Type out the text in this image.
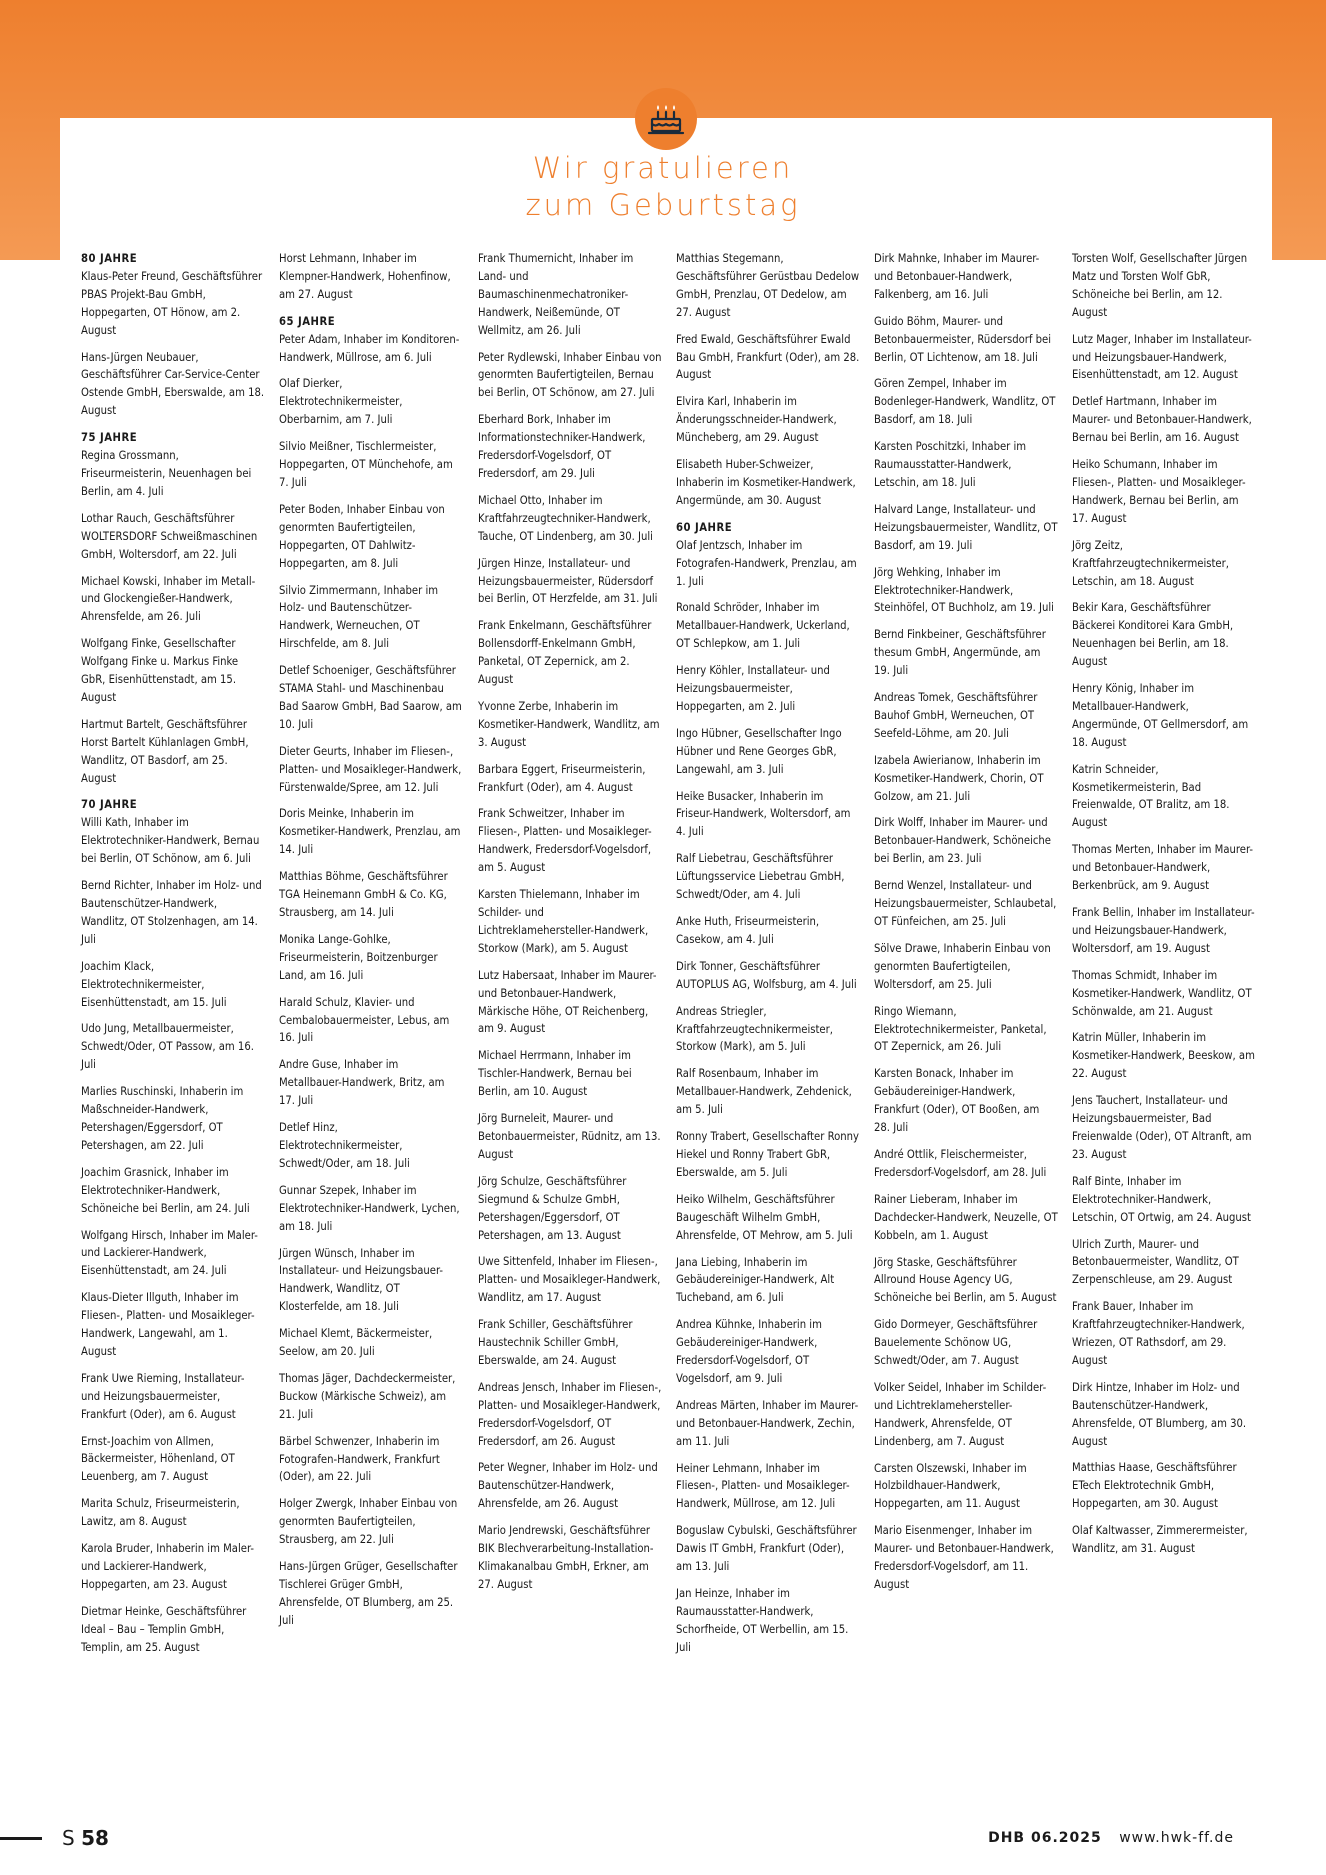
Wir gratulieren
zum Geburtstag
80 JAHRE

Klaus-Peter Freund, Geschäftsführer PBAS Projekt-Bau GmbH, Hoppegarten, OT Hönow, am 2. August

Hans-Jürgen Neubauer, Geschäftsführer Car-Service-Center Ostende GmbH, Eberswalde, am 18. August

75 JAHRE

Regina Grossmann, Friseurmeisterin, Neuenhagen bei Berlin, am 4. Juli

Lothar Rauch, Geschäftsführer WOLTERSDORF Schweißmaschinen GmbH, Woltersdorf, am 22. Juli

Michael Kowski, Inhaber im Metall- und Glockengießer-Handwerk, Ahrensfelde, am 26. Juli

Wolfgang Finke, Gesellschafter Wolfgang Finke u. Markus Finke GbR, Eisenhüttenstadt, am 15. August

Hartmut Bartelt, Geschäftsführer Horst Bartelt Kühlanlagen GmbH, Wandlitz, OT Basdorf, am 25. August

70 JAHRE

Willi Kath, Inhaber im Elektrotechniker-Handwerk, Bernau bei Berlin, OT Schönow, am 6. Juli

Bernd Richter, Inhaber im Holz- und Bautenschützer-Handwerk, Wandlitz, OT Stolzenhagen, am 14. Juli

Joachim Klack, Elektrotechnikermeister, Eisenhüttenstadt, am 15. Juli

Udo Jung, Metallbauermeister, Schwedt/Oder, OT Passow, am 16. Juli

Marlies Ruschinski, Inhaberin im Maßschneider-Handwerk, Petershagen/Eggersdorf, OT Petershagen, am 22. Juli

Joachim Grasnick, Inhaber im Elektrotechniker-Handwerk, Schöneiche bei Berlin, am 24. Juli

Wolfgang Hirsch, Inhaber im Maler- und Lackierer-Handwerk, Eisenhüttenstadt, am 24. Juli

Klaus-Dieter Illguth, Inhaber im Fliesen-, Platten- und Mosaikleger-Handwerk, Langewahl, am 1. August

Frank Uwe Rieming, Installateur- und Heizungsbauermeister, Frankfurt (Oder), am 6. August

Ernst-Joachim von Allmen, Bäckermeister, Höhenland, OT Leuenberg, am 7. August

Marita Schulz, Friseurmeisterin, Lawitz, am 8. August

Karola Bruder, Inhaberin im Maler- und Lackierer-Handwerk, Hoppegarten, am 23. August

Dietmar Heinke, Geschäftsführer Ideal – Bau – Templin GmbH, Templin, am 25. August

Horst Lehmann, Inhaber im Klempner-Handwerk, Hohenfinow, am 27. August

65 JAHRE

Peter Adam, Inhaber im Konditoren-Handwerk, Müllrose, am 6. Juli

Olaf Dierker, Elektrotechnikermeister, Oberbarnim, am 7. Juli

Silvio Meißner, Tischlermeister, Hoppegarten, OT Münchehofe, am 7. Juli

Peter Boden, Inhaber Einbau von genormten Baufertigteilen, Hoppegarten, OT Dahlwitz-Hoppegarten, am 8. Juli

Silvio Zimmermann, Inhaber im Holz- und Bautenschützer-Handwerk, Werneuchen, OT Hirschfelde, am 8. Juli

Detlef Schoeniger, Geschäftsführer STAMA Stahl- und Maschinenbau Bad Saarow GmbH, Bad Saarow, am 10. Juli

Dieter Geurts, Inhaber im Fliesen-, Platten- und Mosaikleger-Handwerk, Fürstenwalde/Spree, am 12. Juli

Doris Meinke, Inhaberin im Kosmetiker-Handwerk, Prenzlau, am 14. Juli

Matthias Böhme, Geschäftsführer TGA Heinemann GmbH & Co. KG, Strausberg, am 14. Juli

Monika Lange-Gohlke, Friseurmeisterin, Boitzenburger Land, am 16. Juli

Harald Schulz, Klavier- und Cembalobauermeister, Lebus, am 16. Juli

Andre Guse, Inhaber im Metallbauer-Handwerk, Britz, am 17. Juli

Detlef Hinz, Elektrotechnikermeister, Schwedt/Oder, am 18. Juli

Gunnar Szepek, Inhaber im Elektrotechniker-Handwerk, Lychen, am 18. Juli

Jürgen Wünsch, Inhaber im Installateur- und Heizungsbauer-Handwerk, Wandlitz, OT Klosterfelde, am 18. Juli

Michael Klemt, Bäckermeister, Seelow, am 20. Juli

Thomas Jäger, Dachdeckermeister, Buckow (Märkische Schweiz), am 21. Juli

Bärbel Schwenzer, Inhaberin im Fotografen-Handwerk, Frankfurt (Oder), am 22. Juli

Holger Zwergk, Inhaber Einbau von genormten Baufertigteilen, Strausberg, am 22. Juli

Hans-Jürgen Grüger, Gesellschafter Tischlerei Grüger GmbH, Ahrensfelde, OT Blumberg, am 25. Juli

Frank Thumernicht, Inhaber im Land- und Baumaschinenmechatroniker-Handwerk, Neißemünde, OT Wellmitz, am 26. Juli

Peter Rydlewski, Inhaber Einbau von genormten Baufertigteilen, Bernau bei Berlin, OT Schönow, am 27. Juli

Eberhard Bork, Inhaber im Informationstechniker-Handwerk, Fredersdorf-Vogelsdorf, OT Fredersdorf, am 29. Juli

Michael Otto, Inhaber im Kraftfahrzeugtechniker-Handwerk, Tauche, OT Lindenberg, am 30. Juli

Jürgen Hinze, Installateur- und Heizungsbauermeister, Rüdersdorf bei Berlin, OT Herzfelde, am 31. Juli

Frank Enkelmann, Geschäftsführer Bollensdorff-Enkelmann GmbH, Panketal, OT Zepernick, am 2. August

Yvonne Zerbe, Inhaberin im Kosmetiker-Handwerk, Wandlitz, am 3. August

Barbara Eggert, Friseurmeisterin, Frankfurt (Oder), am 4. August

Frank Schweitzer, Inhaber im Fliesen-, Platten- und Mosaikleger-Handwerk, Fredersdorf-Vogelsdorf, am 5. August

Karsten Thielemann, Inhaber im Schilder- und Lichtreklamehersteller-Handwerk, Storkow (Mark), am 5. August

Lutz Habersaat, Inhaber im Maurer- und Betonbauer-Handwerk, Märkische Höhe, OT Reichenberg, am 9. August

Michael Herrmann, Inhaber im Tischler-Handwerk, Bernau bei Berlin, am 10. August

Jörg Burneleit, Maurer- und Betonbauermeister, Rüdnitz, am 13. August

Jörg Schulze, Geschäftsführer Siegmund & Schulze GmbH, Petershagen/Eggersdorf, OT Petershagen, am 13. August

Uwe Sittenfeld, Inhaber im Fliesen-, Platten- und Mosaikleger-Handwerk, Wandlitz, am 17. August

Frank Schiller, Geschäftsführer Haustechnik Schiller GmbH, Eberswalde, am 24. August

Andreas Jensch, Inhaber im Fliesen-, Platten- und Mosaikleger-Handwerk, Fredersdorf-Vogelsdorf, OT Fredersdorf, am 26. August

Peter Wegner, Inhaber im Holz- und Bautenschützer-Handwerk, Ahrensfelde, am 26. August

Mario Jendrewski, Geschäftsführer BIK Blechverarbeitung-Installation-Klimakanalbau GmbH, Erkner, am 27. August

Matthias Stegemann, Geschäftsführer Gerüstbau Dedelow GmbH, Prenzlau, OT Dedelow, am 27. August

Fred Ewald, Geschäftsführer Ewald Bau GmbH, Frankfurt (Oder), am 28. August

Elvira Karl, Inhaberin im Änderungsschneider-Handwerk, Müncheberg, am 29. August

Elisabeth Huber-Schweizer, Inhaberin im Kosmetiker-Handwerk, Angermünde, am 30. August

60 JAHRE

Olaf Jentzsch, Inhaber im Fotografen-Handwerk, Prenzlau, am 1. Juli

Ronald Schröder, Inhaber im Metallbauer-Handwerk, Uckerland, OT Schlepkow, am 1. Juli

Henry Köhler, Installateur- und Heizungsbauermeister, Hoppegarten, am 2. Juli

Ingo Hübner, Gesellschafter Ingo Hübner und Rene Georges GbR, Langewahl, am 3. Juli

Heike Busacker, Inhaberin im Friseur-Handwerk, Woltersdorf, am 4. Juli

Ralf Liebetrau, Geschäftsführer Lüftungsservice Liebetrau GmbH, Schwedt/Oder, am 4. Juli

Anke Huth, Friseurmeisterin, Casekow, am 4. Juli

Dirk Tonner, Geschäftsführer AUTOPLUS AG, Wolfsburg, am 4. Juli

Andreas Striegler, Kraftfahrzeugtechnikermeister, Storkow (Mark), am 5. Juli

Ralf Rosenbaum, Inhaber im Metallbauer-Handwerk, Zehdenick, am 5. Juli

Ronny Trabert, Gesellschafter Ronny Hiekel und Ronny Trabert GbR, Eberswalde, am 5. Juli

Heiko Wilhelm, Geschäftsführer Baugeschäft Wilhelm GmbH, Ahrensfelde, OT Mehrow, am 5. Juli

Jana Liebing, Inhaberin im Gebäudereiniger-Handwerk, Alt Tucheband, am 6. Juli

Andrea Kühnke, Inhaberin im Gebäudereiniger-Handwerk, Fredersdorf-Vogelsdorf, OT Vogelsdorf, am 9. Juli

Andreas Märten, Inhaber im Maurer- und Betonbauer-Handwerk, Zechin, am 11. Juli

Heiner Lehmann, Inhaber im Fliesen-, Platten- und Mosaikleger-Handwerk, Müllrose, am 12. Juli

Boguslaw Cybulski, Geschäftsführer Dawis IT GmbH, Frankfurt (Oder), am 13. Juli

Jan Heinze, Inhaber im Raumausstatter-Handwerk, Schorfheide, OT Werbellin, am 15. Juli

Dirk Mahnke, Inhaber im Maurer- und Betonbauer-Handwerk, Falkenberg, am 16. Juli

Guido Böhm, Maurer- und Betonbauermeister, Rüdersdorf bei Berlin, OT Lichtenow, am 18. Juli

Gören Zempel, Inhaber im Bodenleger-Handwerk, Wandlitz, OT Basdorf, am 18. Juli

Karsten Poschitzki, Inhaber im Raumausstatter-Handwerk, Letschin, am 18. Juli

Halvard Lange, Installateur- und Heizungsbauermeister, Wandlitz, OT Basdorf, am 19. Juli

Jörg Wehking, Inhaber im Elektrotechniker-Handwerk, Steinhöfel, OT Buchholz, am 19. Juli

Bernd Finkbeiner, Geschäftsführer thesum GmbH, Angermünde, am 19. Juli

Andreas Tomek, Geschäftsführer Bauhof GmbH, Werneuchen, OT Seefeld-Löhme, am 20. Juli

Izabela Awierianow, Inhaberin im Kosmetiker-Handwerk, Chorin, OT Golzow, am 21. Juli

Dirk Wolff, Inhaber im Maurer- und Betonbauer-Handwerk, Schöneiche bei Berlin, am 23. Juli

Bernd Wenzel, Installateur- und Heizungsbauermeister, Schlaubetal, OT Fünfeichen, am 25. Juli

Sölve Drawe, Inhaberin Einbau von genormten Baufertigteilen, Woltersdorf, am 25. Juli

Ringo Wiemann, Elektrotechnikermeister, Panketal, OT Zepernick, am 26. Juli

Karsten Bonack, Inhaber im Gebäudereiniger-Handwerk, Frankfurt (Oder), OT Booßen, am 28. Juli

André Ottlik, Fleischermeister, Fredersdorf-Vogelsdorf, am 28. Juli

Rainer Lieberam, Inhaber im Dachdecker-Handwerk, Neuzelle, OT Kobbeln, am 1. August

Jörg Staske, Geschäftsführer Allround House Agency UG, Schöneiche bei Berlin, am 5. August

Gido Dormeyer, Geschäftsführer Bauelemente Schönow UG, Schwedt/Oder, am 7. August

Volker Seidel, Inhaber im Schilder- und Lichtreklamehersteller-Handwerk, Ahrensfelde, OT Lindenberg, am 7. August

Carsten Olszewski, Inhaber im Holzbildhauer-Handwerk, Hoppegarten, am 11. August

Mario Eisenmenger, Inhaber im Maurer- und Betonbauer-Handwerk, Fredersdorf-Vogelsdorf, am 11. August

Torsten Wolf, Gesellschafter Jürgen Matz und Torsten Wolf GbR, Schöneiche bei Berlin, am 12. August

Lutz Mager, Inhaber im Installateur- und Heizungsbauer-Handwerk, Eisenhüttenstadt, am 12. August

Detlef Hartmann, Inhaber im Maurer- und Betonbauer-Handwerk, Bernau bei Berlin, am 16. August

Heiko Schumann, Inhaber im Fliesen-, Platten- und Mosaikleger-Handwerk, Bernau bei Berlin, am 17. August

Jörg Zeitz, Kraftfahrzeugtechnikermeister, Letschin, am 18. August

Bekir Kara, Geschäftsführer Bäckerei Konditorei Kara GmbH, Neuenhagen bei Berlin, am 18. August

Henry König, Inhaber im Metallbauer-Handwerk, Angermünde, OT Gellmersdorf, am 18. August

Katrin Schneider, Kosmetikermeisterin, Bad Freienwalde, OT Bralitz, am 18. August

Thomas Merten, Inhaber im Maurer- und Betonbauer-Handwerk, Berkenbrück, am 9. August

Frank Bellin, Inhaber im Installateur- und Heizungsbauer-Handwerk, Woltersdorf, am 19. August

Thomas Schmidt, Inhaber im Kosmetiker-Handwerk, Wandlitz, OT Schönwalde, am 21. August

Katrin Müller, Inhaberin im Kosmetiker-Handwerk, Beeskow, am 22. August

Jens Tauchert, Installateur- und Heizungsbauermeister, Bad Freienwalde (Oder), OT Altranft, am 23. August

Ralf Binte, Inhaber im Elektrotechniker-Handwerk, Letschin, OT Ortwig, am 24. August

Ulrich Zurth, Maurer- und Betonbauermeister, Wandlitz, OT Zerpenschleuse, am 29. August

Frank Bauer, Inhaber im Kraftfahrzeugtechniker-Handwerk, Wriezen, OT Rathsdorf, am 29. August

Dirk Hintze, Inhaber im Holz- und Bautenschützer-Handwerk, Ahrensfelde, OT Blumberg, am 30. August

Matthias Haase, Geschäftsführer ETech Elektrotechnik GmbH, Hoppegarten, am 30. August

Olaf Kaltwasser, Zimmerermeister, Wandlitz, am 31. August

S 58	DHB 06.2025 www.hwk-ff.de
